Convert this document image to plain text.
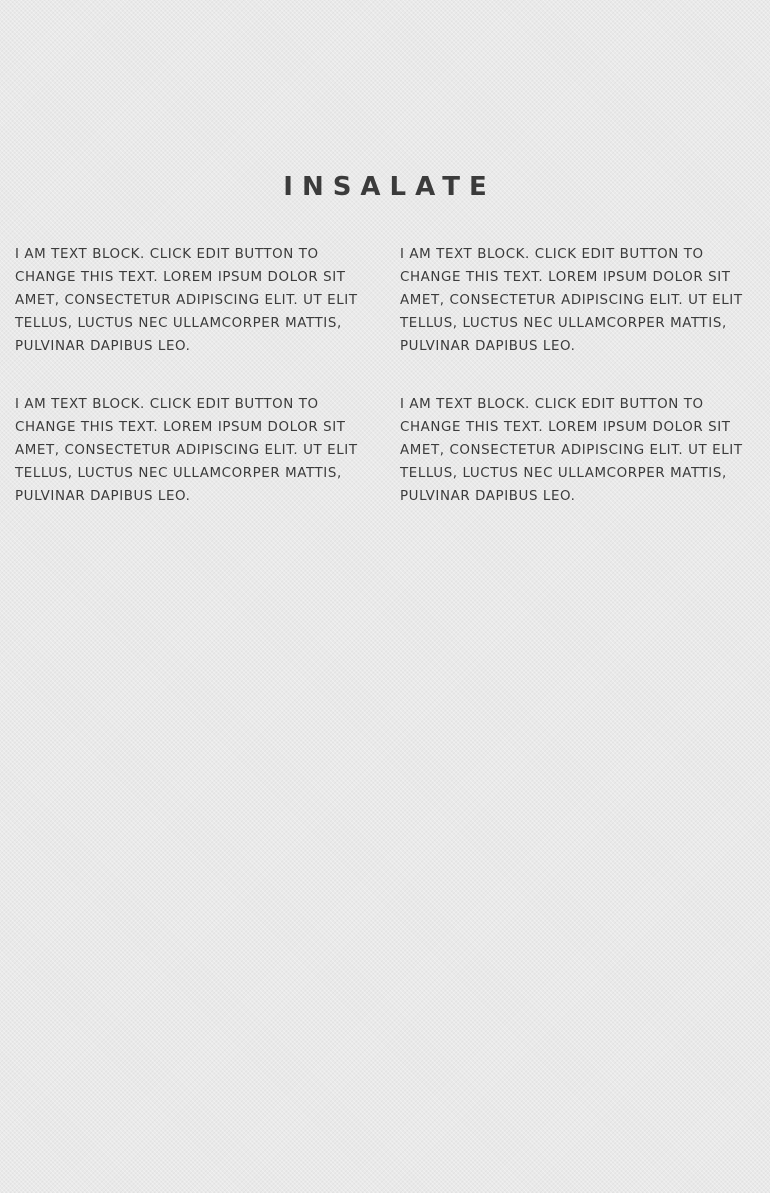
INSALATE

I AM TEXT BLOCK. CLICK EDIT BUTTON TO CHANGE THIS TEXT. LOREM IPSUM DOLOR SIT AMET, CONSECTETUR ADIPISCING ELIT. UT ELIT TELLUS, LUCTUS NEC ULLAMCORPER MATTIS, PULVINAR DAPIBUS LEO.

I AM TEXT BLOCK. CLICK EDIT BUTTON TO CHANGE THIS TEXT. LOREM IPSUM DOLOR SIT AMET, CONSECTETUR ADIPISCING ELIT. UT ELIT TELLUS, LUCTUS NEC ULLAMCORPER MATTIS, PULVINAR DAPIBUS LEO.

I AM TEXT BLOCK. CLICK EDIT BUTTON TO CHANGE THIS TEXT. LOREM IPSUM DOLOR SIT AMET, CONSECTETUR ADIPISCING ELIT. UT ELIT TELLUS, LUCTUS NEC ULLAMCORPER MATTIS, PULVINAR DAPIBUS LEO.

I AM TEXT BLOCK. CLICK EDIT BUTTON TO CHANGE THIS TEXT. LOREM IPSUM DOLOR SIT AMET, CONSECTETUR ADIPISCING ELIT. UT ELIT TELLUS, LUCTUS NEC ULLAMCORPER MATTIS, PULVINAR DAPIBUS LEO.
